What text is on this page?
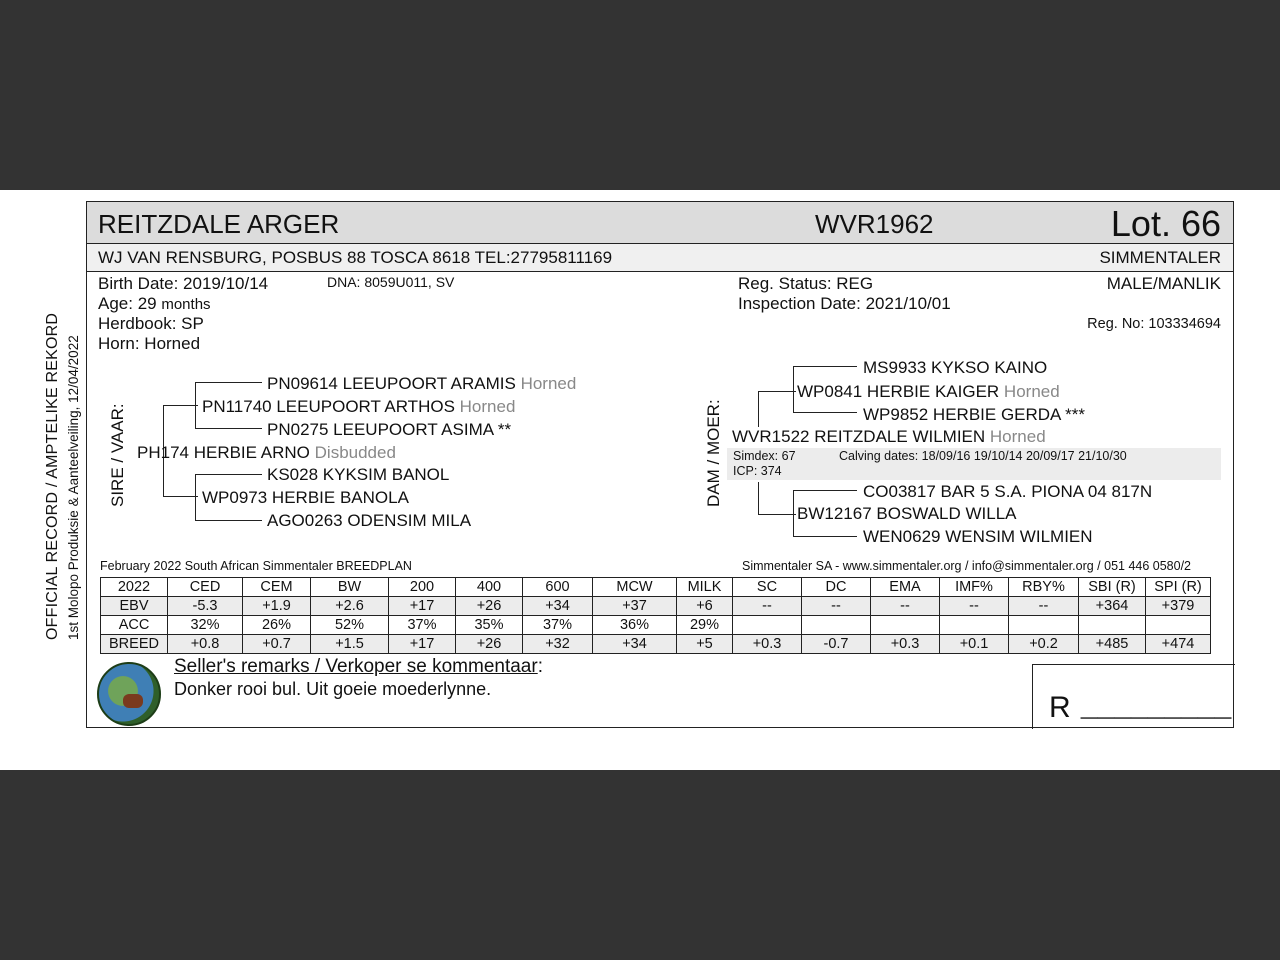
OFFICIAL RECORD / AMPTELIKE REKORD 1st Molopo Produksie & Aanteelveiling, 12/04/2022
REITZDALE ARGER	WVR1962	Lot. 66
WJ VAN RENSBURG, POSBUS 88 TOSCA 8618 TEL:27795811169	SIMMENTALER
Birth Date: 2019/10/14	DNA: 8059U011, SV
Age: 29 months
Herdbook: SP
Horn: Horned
Reg. Status: REG
Inspection Date: 2021/10/01
MALE/MANLIK
Reg. No: 103334694
SIRE / VAAR:
PN09614 LEEUPOORT ARAMIS Horned
PN11740 LEEUPOORT ARTHOS Horned
PN0275 LEEUPOORT ASIMA **
PH174 HERBIE ARNO Disbudded
KS028 KYKSIM BANOL
WP0973 HERBIE BANOLA
AGO0263 ODENSIM MILA
DAM / MOER:
MS9933 KYKSO KAINO
WP0841 HERBIE KAIGER Horned
WP9852 HERBIE GERDA ***
WVR1522 REITZDALE WILMIEN Horned
Simdex: 67	Calving dates: 18/09/16 19/10/14 20/09/17 21/10/30
ICP: 374
CO03817 BAR 5 S.A. PIONA 04 817N
BW12167 BOSWALD WILLA
WEN0629 WENSIM WILMIEN
February 2022 South African Simmentaler BREEDPLAN	Simmentaler SA - www.simmentaler.org / info@simmentaler.org / 051 446 0580/2
2022	CED	CEM	BW	200	400	600	MCW	MILK	SC	DC	EMA	IMF%	RBY%	SBI (R)	SPI (R)
EBV	-5.3	+1.9	+2.6	+17	+26	+34	+37	+6	--	--	--	--	--	+364	+379
ACC	32%	26%	52%	37%	35%	37%	36%	29%							
BREED	+0.8	+0.7	+1.5	+17	+26	+32	+34	+5	+0.3	-0.7	+0.3	+0.1	+0.2	+485	+474
Seller's remarks / Verkoper se kommentaar:
Donker rooi bul. Uit goeie moederlynne.
R _________
